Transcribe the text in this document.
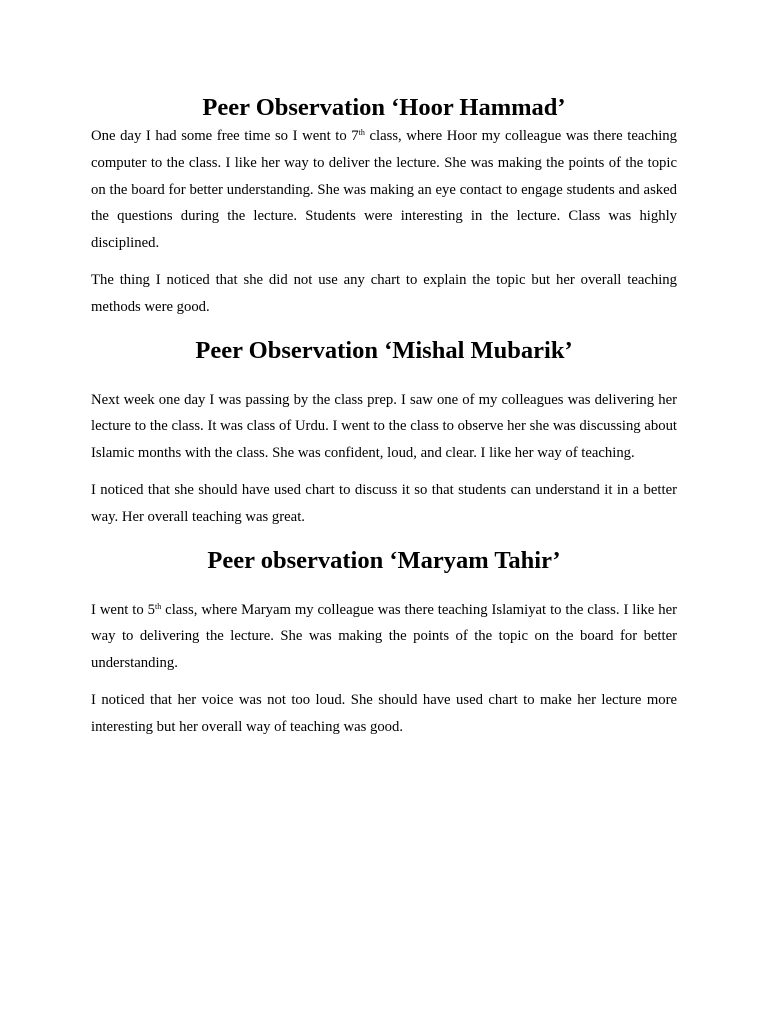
Peer Observation ‘Hoor Hammad’

One day I had some free time so I went to 7th class, where Hoor my colleague was there teaching computer to the class. I like her way to deliver the lecture. She was making the points of the topic on the board for better understanding. She was making an eye contact to engage students and asked the questions during the lecture. Students were interesting in the lecture. Class was highly disciplined.

The thing I noticed that she did not use any chart to explain the topic but her overall teaching methods were good.

Peer Observation ‘Mishal Mubarik’

Next week one day I was passing by the class prep. I saw one of my colleagues was delivering her lecture to the class. It was class of Urdu. I went to the class to observe her she was discussing about Islamic months with the class. She was confident, loud, and clear. I like her way of teaching.

I noticed that she should have used chart to discuss it so that students can understand it in a better way. Her overall teaching was great.

Peer observation ‘Maryam Tahir’

I went to 5th class, where Maryam my colleague was there teaching Islamiyat to the class. I like her way to delivering the lecture. She was making the points of the topic on the board for better understanding.

I noticed that her voice was not too loud. She should have used chart to make her lecture more interesting but her overall way of teaching was good.
